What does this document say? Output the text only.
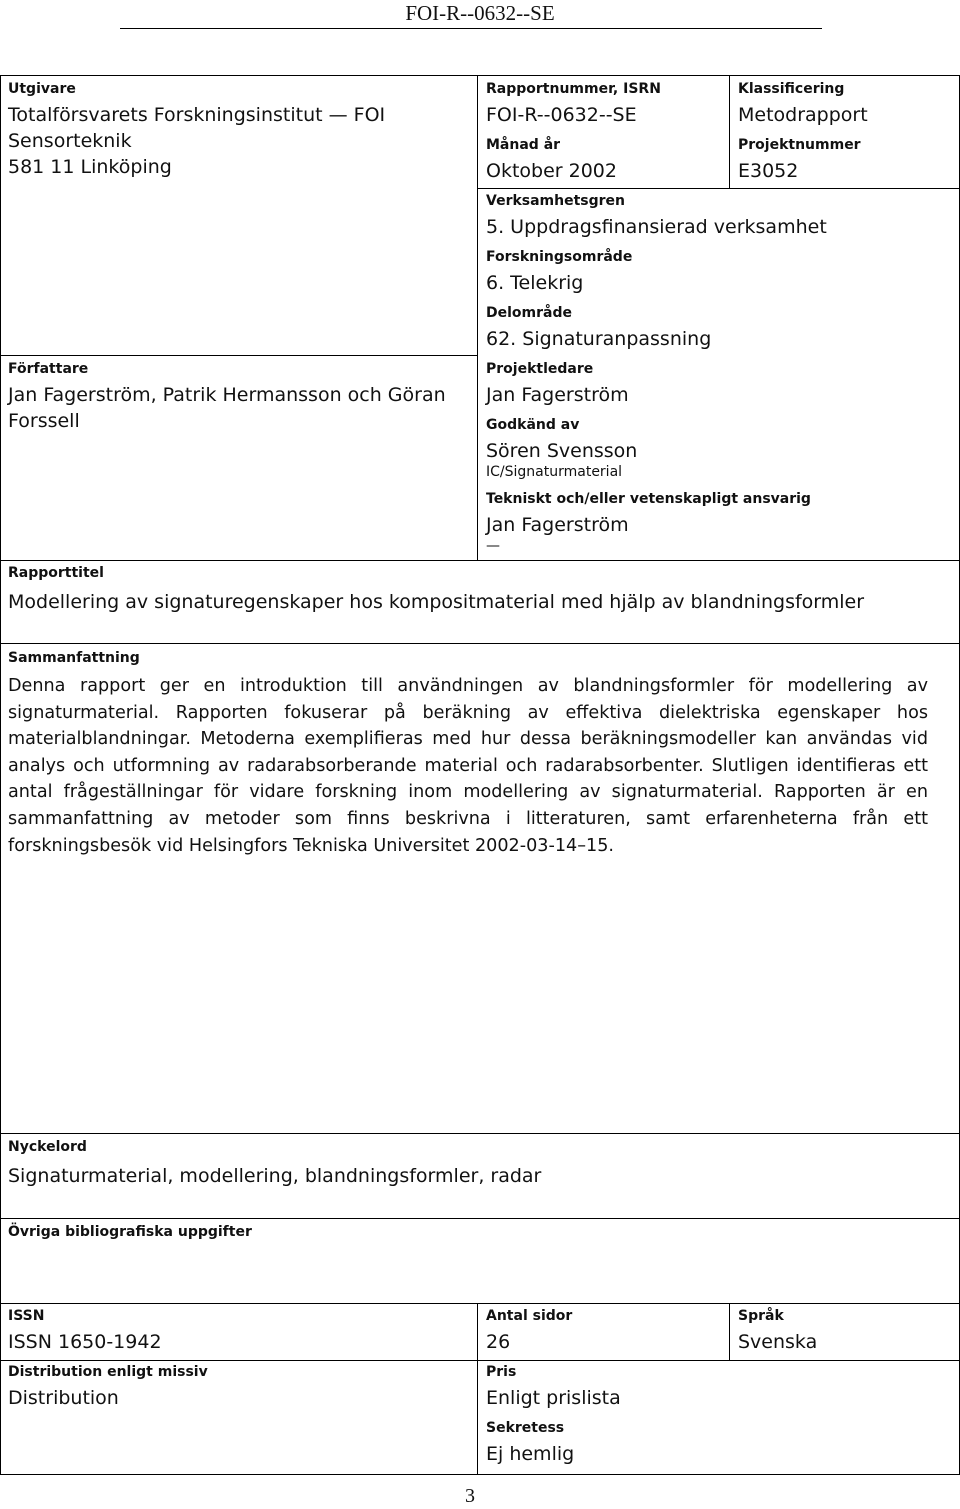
FOI-R--0632--SE
Utgivare
Totalförsvarets Forskningsinstitut — FOI
Sensorteknik
581 11 Linköping
Rapportnummer, ISRN
FOI-R--0632--SE
Klassificering
Metodrapport
Månad år
Oktober 2002
Projektnummer
E3052
Verksamhetsgren
5. Uppdragsfinansierad verksamhet
Forskningsområde
6. Telekrig
Delområde
62. Signaturanpassning
Författare
Jan Fagerström, Patrik Hermansson och Göran
Forssell
Projektledare
Jan Fagerström
Godkänd av
Sören Svensson
IC/Signaturmaterial
Tekniskt och/eller vetenskapligt ansvarig
Jan Fagerström
—
Rapporttitel
Modellering av signaturegenskaper hos kompositmaterial med hjälp av blandningsformler
Sammanfattning

Denna rapport ger en introduktion till användningen av blandningsformler för modellering av signaturmaterial. Rapporten fokuserar på beräkning av effektiva dielektriska egenskaper hos materialblandningar. Metoderna exemplifieras med hur dessa beräkningsmodeller kan användas vid analys och utformning av radarabsorberande material och radarabsorbenter. Slutligen identifieras ett antal frågeställningar för vidare forskning inom modellering av signaturmaterial. Rapporten är en sammanfattning av metoder som finns beskrivna i litteraturen, samt erfarenheterna från ett forskningsbesök vid Helsingfors Tekniska Universitet 2002-03-14–15.

Nyckelord
Signaturmaterial, modellering, blandningsformler, radar
Övriga bibliografiska uppgifter
ISSN
ISSN 1650-1942
Antal sidor
26
Språk
Svenska
Distribution enligt missiv
Distribution
Pris
Enligt prislista
Sekretess
Ej hemlig
3
